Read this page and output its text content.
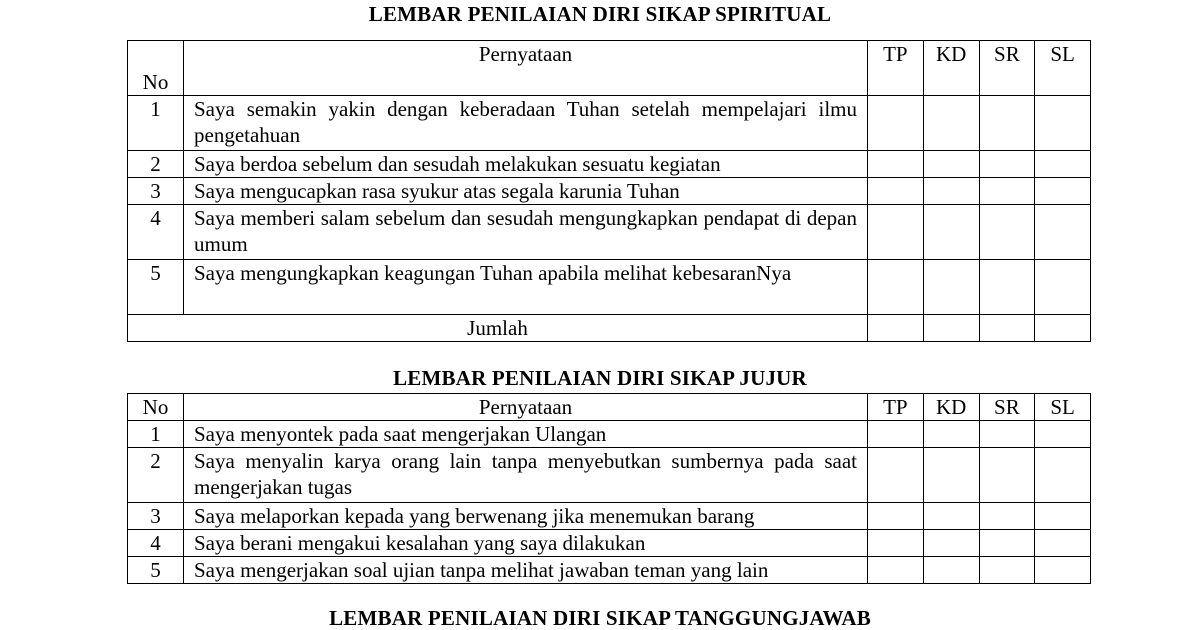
LEMBAR PENILAIAN DIRI SIKAP SPIRITUAL
No	Pernyataan	TP	KD	SR	SL
1	Saya semakin yakin dengan keberadaan Tuhan setelah mempelajari ilmu pengetahuan				
2	Saya berdoa sebelum dan sesudah melakukan sesuatu kegiatan				
3	Saya mengucapkan rasa syukur atas segala karunia Tuhan				
4	Saya memberi salam sebelum dan sesudah mengungkapkan pendapat di depan umum				
5	Saya mengungkapkan keagungan Tuhan apabila melihat kebesaranNya				
Jumlah					
LEMBAR PENILAIAN DIRI SIKAP JUJUR
No	Pernyataan	TP	KD	SR	SL
1	Saya menyontek pada saat mengerjakan Ulangan				
2	Saya menyalin karya orang lain tanpa menyebutkan sumbernya pada saat mengerjakan tugas				
3	Saya melaporkan kepada yang berwenang jika menemukan barang				
4	Saya berani mengakui kesalahan yang saya dilakukan				
5	Saya mengerjakan soal ujian tanpa melihat jawaban teman yang lain				
LEMBAR PENILAIAN DIRI SIKAP TANGGUNGJAWAB
